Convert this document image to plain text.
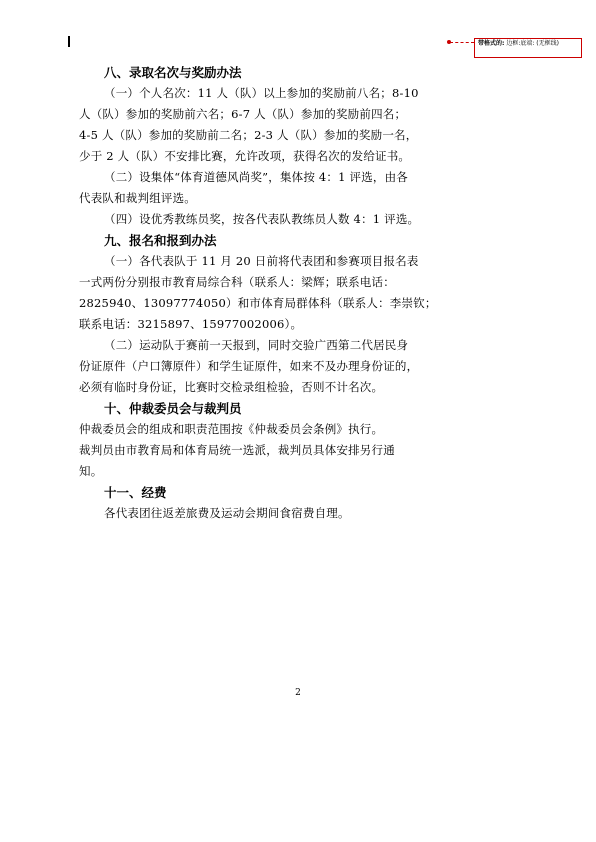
带格式的: 边框:底端: (无框线)

八、录取名次与奖励办法

（一）个人名次：11 人（队）以上参加的奖励前八名；8-10
人（队）参加的奖励前六名；6-7 人（队）参加的奖励前四名；
4-5 人（队）参加的奖励前二名；2-3 人（队）参加的奖励一名，
少于 2 人（队）不安排比赛，允许改项，获得名次的发给证书。
（二）设集体“体育道德风尚奖”，集体按 4：1 评选，由各
代表队和裁判组评选。
（四）设优秀教练员奖，按各代表队教练员人数 4：1 评选。

九、报名和报到办法

（一）各代表队于 11 月 20 日前将代表团和参赛项目报名表
一式两份分别报市教育局综合科（联系人：梁辉；联系电话：
2825940、13097774050）和市体育局群体科（联系人：李崇钦；
联系电话：3215897、15977002006）。
（二）运动队于赛前一天报到，同时交验广西第二代居民身
份证原件（户口簿原件）和学生证原件，如来不及办理身份证的，
必须有临时身份证，比赛时交检录组检验，否则不计名次。

十、仲裁委员会与裁判员

仲裁委员会的组成和职责范围按《仲裁委员会条例》执行。
裁判员由市教育局和体育局统一选派，裁判员具体安排另行通
知。

十一、经费

各代表团往返差旅费及运动会期间食宿费自理。
2
